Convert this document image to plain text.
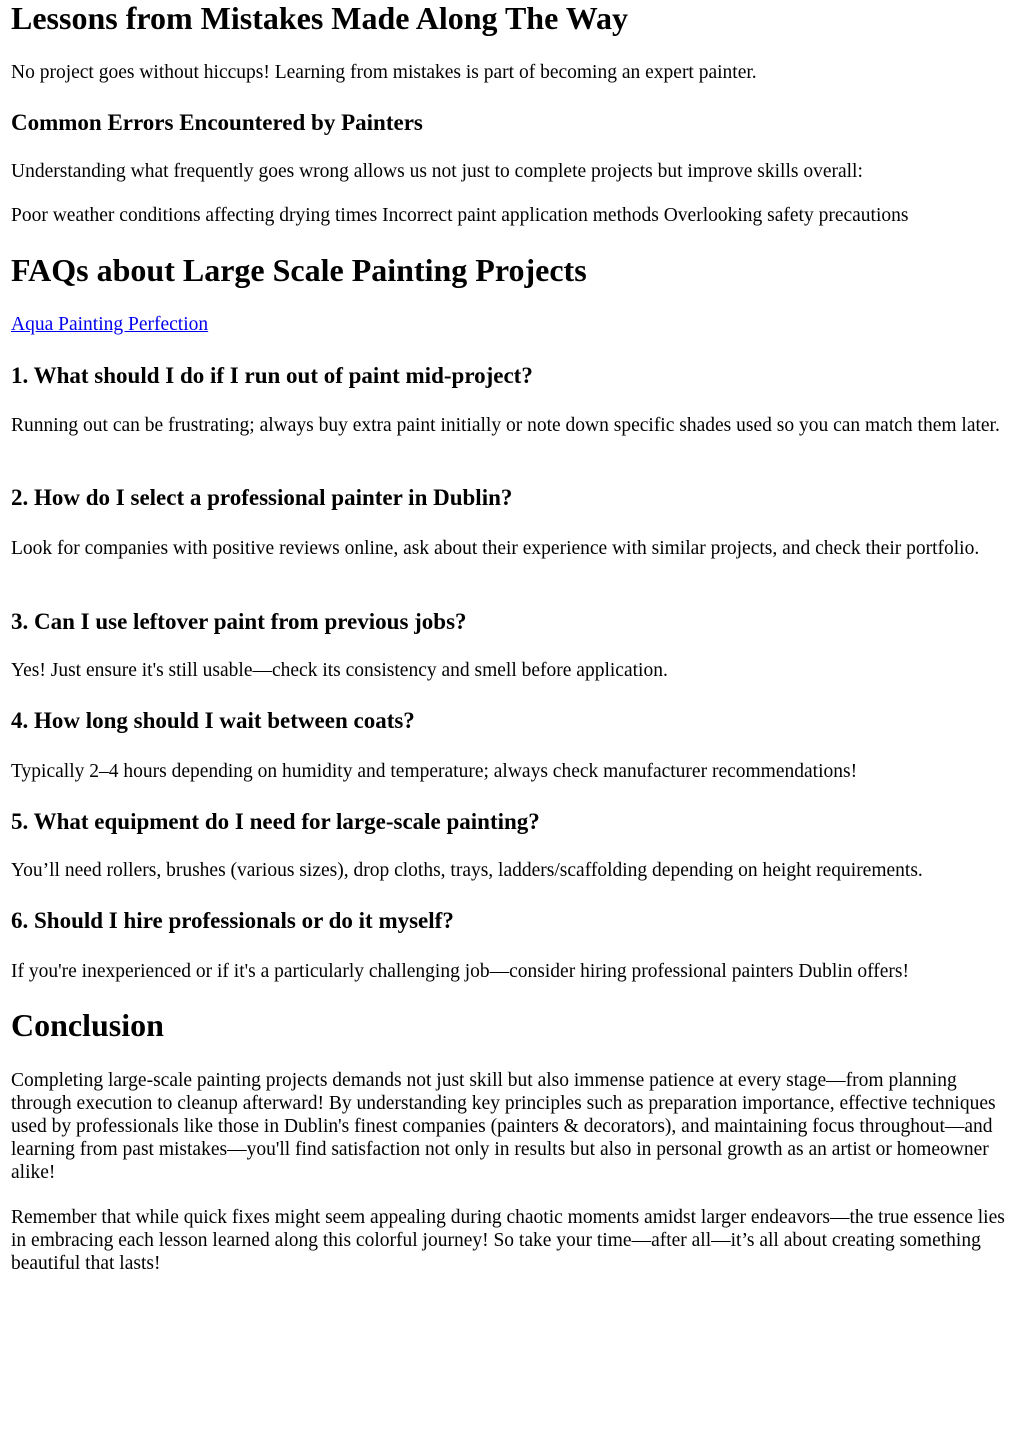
Lessons from Mistakes Made Along The Way

No project goes without hiccups! Learning from mistakes is part of becoming an expert painter.

Common Errors Encountered by Painters

Understanding what frequently goes wrong allows us not just to complete projects but improve skills overall:

Poor weather conditions affecting drying times Incorrect paint application methods Overlooking safety precautions

FAQs about Large Scale Painting Projects
Aqua Painting Perfection
1. What should I do if I run out of paint mid-project?

Running out can be frustrating; always buy extra paint initially or note down specific shades used so you can match them later.

2. How do I select a professional painter in Dublin?

Look for companies with positive reviews online, ask about their experience with similar projects, and check their portfolio.

3. Can I use leftover paint from previous jobs?

Yes! Just ensure it's still usable—check its consistency and smell before application.

4. How long should I wait between coats?

Typically 2–4 hours depending on humidity and temperature; always check manufacturer recommendations!

5. What equipment do I need for large-scale painting?

You’ll need rollers, brushes (various sizes), drop cloths, trays, ladders/scaffolding depending on height requirements.

6. Should I hire professionals or do it myself?

If you're inexperienced or if it's a particularly challenging job—consider hiring professional painters Dublin offers!

Conclusion

Completing large-scale painting projects demands not just skill but also immense patience at every stage—from planning through execution to cleanup afterward! By understanding key principles such as preparation importance, effective techniques used by professionals like those in Dublin's finest companies (painters & decorators), and maintaining focus throughout—and learning from past mistakes—you'll find satisfaction not only in results but also in personal growth as an artist or homeowner alike!

Remember that while quick fixes might seem appealing during chaotic moments amidst larger endeavors—the true essence lies in embracing each lesson learned along this colorful journey! So take your time—after all—it’s all about creating something beautiful that lasts!
